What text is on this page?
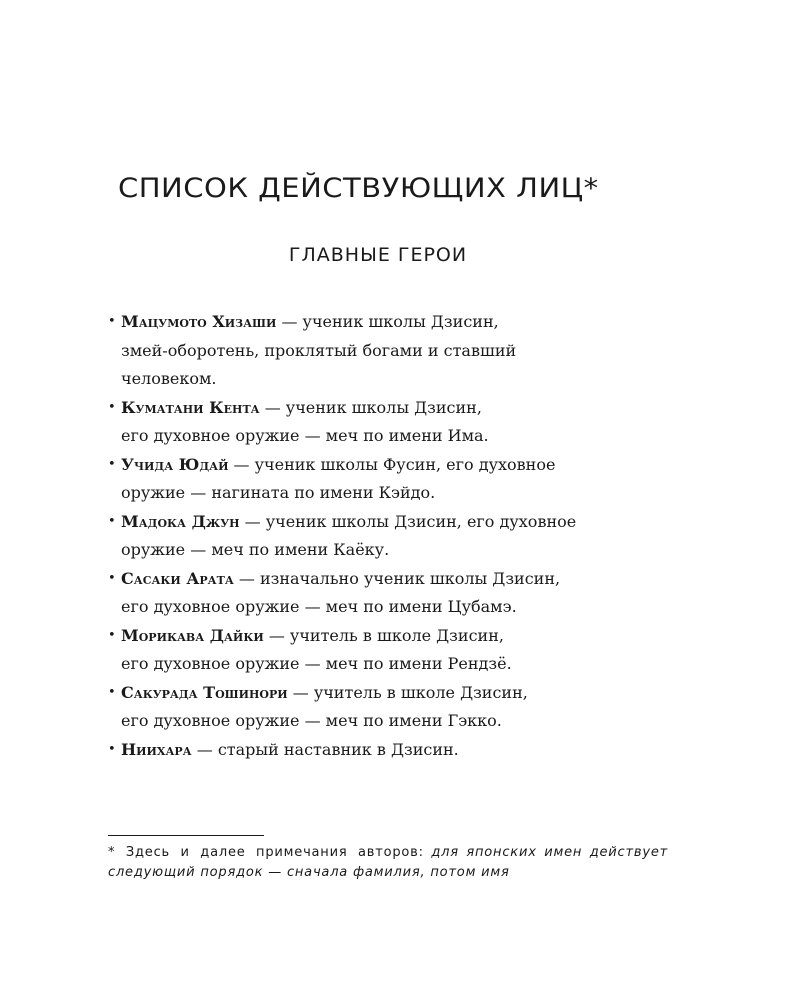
СПИСОК ДЕЙСТВУЮЩИХ ЛИЦ*
ГЛАВНЫЕ ГЕРОИ
• Мацумото Хизаши — ученик школы Дзисин,
змей-оборотень, проклятый богами и ставший
человеком.
• Куматани Кента — ученик школы Дзисин,
его духовное оружие — меч по имени Има.
• Учида Юдай — ученик школы Фусин, его духовное
оружие — нагината по имени Кэйдо.
• Мадока Джун — ученик школы Дзисин, его духовное
оружие — меч по имени Каёку.
• Сасаки Арата — изначально ученик школы Дзисин,
его духовное оружие — меч по имени Цубамэ.
• Морикава Дайки — учитель в школе Дзисин,
его духовное оружие — меч по имени Рендзё.
• Сакурада Тошинори — учитель в школе Дзисин,
его духовное оружие — меч по имени Гэкко.
• Ниихара — старый наставник в Дзисин.

* Здесь и далее примечания авторов: для японских имен действует следующий порядок — сначала фамилия, потом имя
